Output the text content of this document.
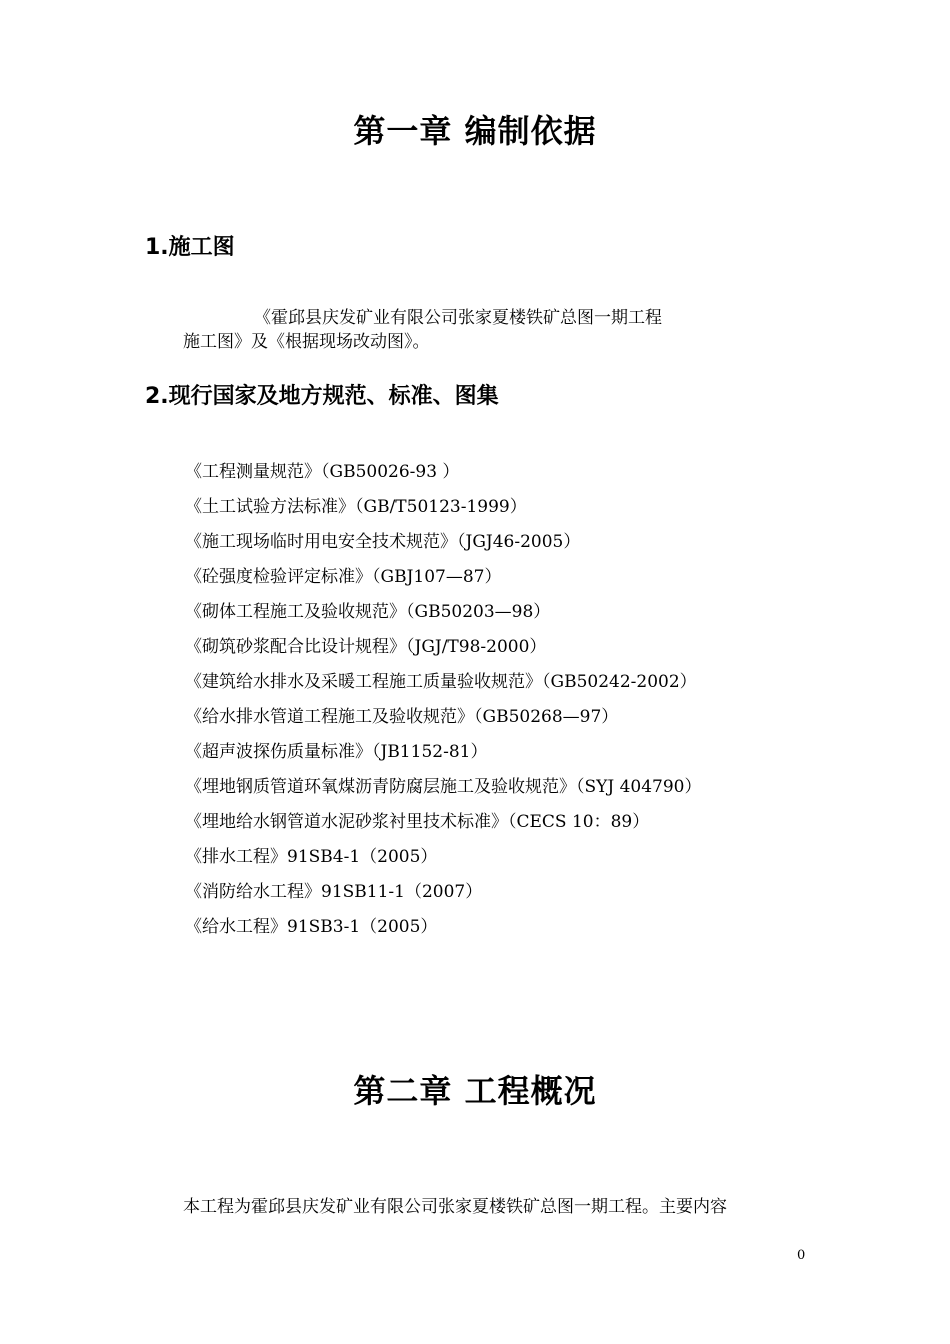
第一章 编制依据
1.施工图
《霍邱县庆发矿业有限公司张家夏楼铁矿总图一期工程
施工图》及《根据现场改动图》。
2.现行国家及地方规范、标准、图集
《工程测量规范》（GB50026-93 ）
《土工试验方法标准》（GB/T50123-1999）
《施工现场临时用电安全技术规范》（JGJ46-2005）
《砼强度检验评定标准》（GBJ107—87）
《砌体工程施工及验收规范》（GB50203—98）
《砌筑砂浆配合比设计规程》（JGJ/T98-2000）
《建筑给水排水及采暖工程施工质量验收规范》（GB50242-2002）
《给水排水管道工程施工及验收规范》（GB50268—97）
《超声波探伤质量标准》（JB1152-81）
《埋地钢质管道环氧煤沥青防腐层施工及验收规范》（SYJ 404790）
《埋地给水钢管道水泥砂浆衬里技术标准》（CECS 10：89）
《排水工程》91SB4-1（2005）
《消防给水工程》91SB11-1（2007）
《给水工程》91SB3-1（2005）
第二章 工程概况
本工程为霍邱县庆发矿业有限公司张家夏楼铁矿总图一期工程。主要内容
0
